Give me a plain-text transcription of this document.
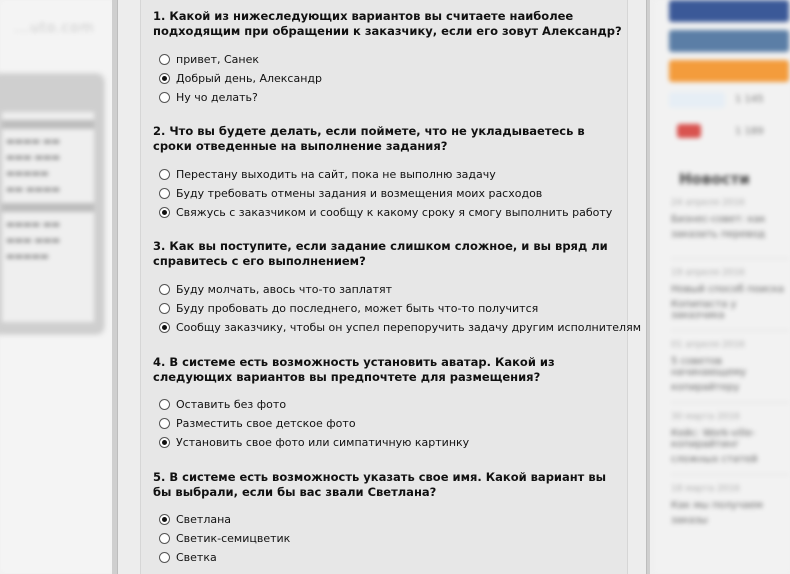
...uto.com
▬▬▬▬ ▬▬
▬▬▬ ▬▬▬
▬▬▬▬▬
▬▬ ▬▬▬▬
▬▬▬▬ ▬▬
▬▬▬ ▬▬▬
▬▬▬▬▬
1. Какой из нижеследующих вариантов вы считаете наиболее подходящим при обращении к заказчику, если его зовут Александр?
привет, Санек
Добрый день, Александр
Ну чо делать?
2. Что вы будете делать, если поймете, что не укладываетесь в сроки отведенные на выполнение задания?
Перестану выходить на сайт, пока не выполню задачу
Буду требовать отмены задания и возмещения моих расходов
Свяжусь с заказчиком и сообщу к какому сроку я смогу выполнить работу
3. Как вы поступите, если задание слишком сложное, и вы вряд ли справитесь с его выполнением?
Буду молчать, авось что-то заплатят
Буду пробовать до последнего, может быть что-то получится
Сообщу заказчику, чтобы он успел перепоручить задачу другим исполнителям
4. В системе есть возможность установить аватар. Какой из следующих вариантов вы предпочтете для размещения?
Оставить без фото
Разместить свое детское фото
Установить свое фото или симпатичную картинку
5. В системе есть возможность указать свое имя. Какой вариант вы бы выбрали, если бы вас звали Светлана?
Светлана
Светик-семицветик
Светка
1 145
1 189
Новости
24 апреля 2016
Бизнес-совет: как
заказать перевод
19 апреля 2016
Новый способ поиска
Копипаста у заказчика
01 апреля 2016
5 советов начинающему
копирайтеру
30 марта 2016
Кейс: Work-ville-копирайтинг
сложных статей
18 марта 2016
Как мы получаем
заказы
